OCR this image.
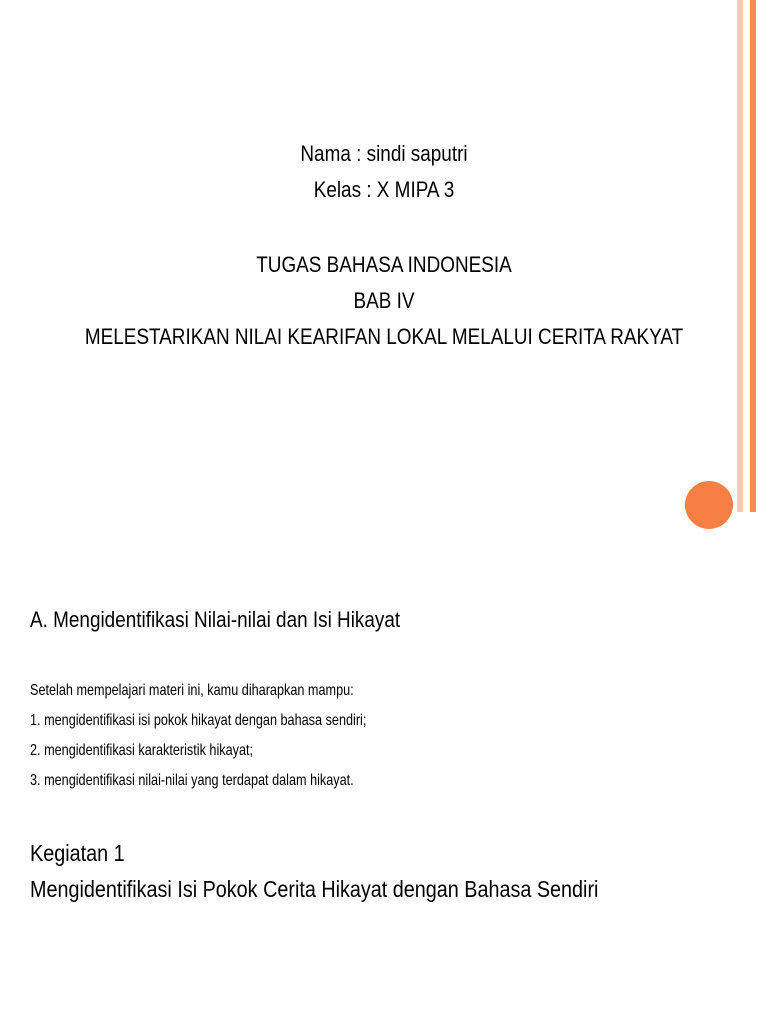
Nama : sindi saputri
Kelas : X MIPA 3
TUGAS BAHASA INDONESIA
BAB IV
MELESTARIKAN NILAI KEARIFAN LOKAL MELALUI CERITA RAKYAT
A. Mengidentifikasi Nilai-nilai dan Isi Hikayat
Setelah mempelajari materi ini, kamu diharapkan mampu:
1. mengidentifikasi isi pokok hikayat dengan bahasa sendiri;
2. mengidentifikasi karakteristik hikayat;
3. mengidentifikasi nilai-nilai yang terdapat dalam hikayat.
Kegiatan 1
Mengidentifikasi Isi Pokok Cerita Hikayat dengan Bahasa Sendiri
